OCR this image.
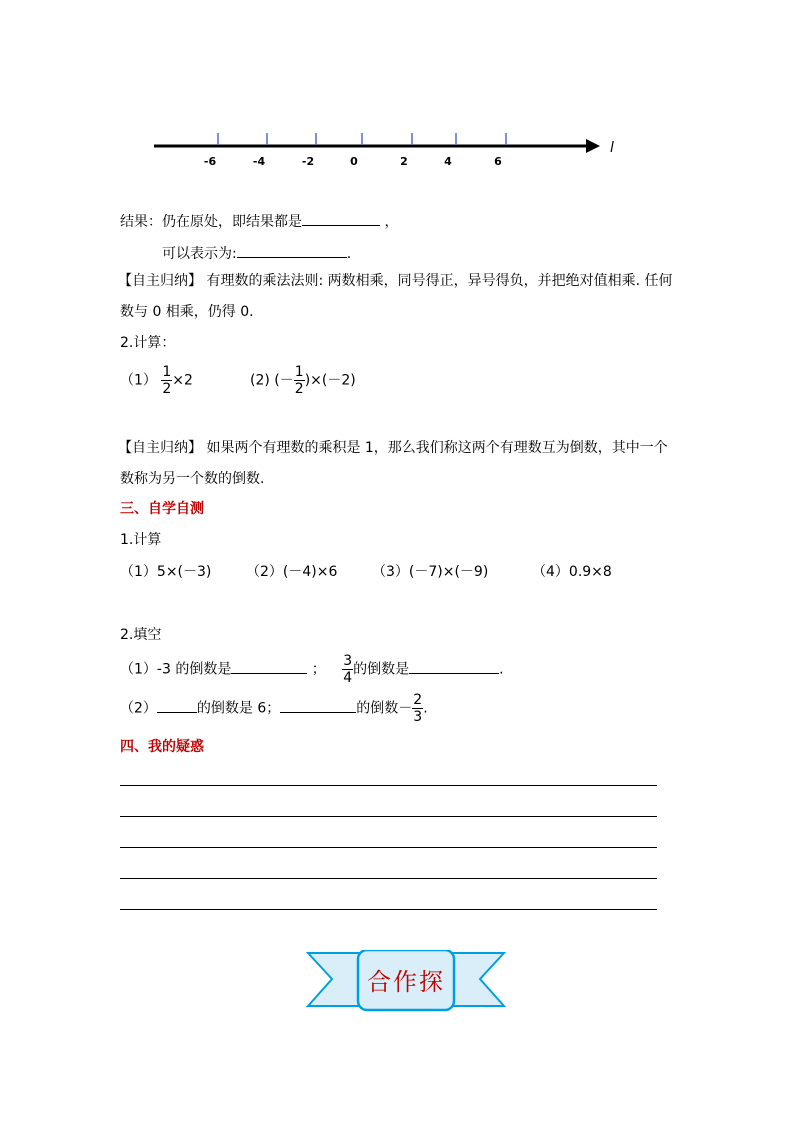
-6	-4	-2	0	2	4	6
l
结果：仍在原处，即结果都是	，
可以表示为:	.
【自主归纳】 有理数的乘法法则: 两数相乘，同号得正，异号得负，并把绝对值相乘. 任何
数与 0 相乘，仍得 0.
2.计算：
$(1) \frac{1}{2} \times 2$	(2) (－ $\frac{1}{2} )\times(-2)$
【自主归纳】 如果两个有理数的乘积是 1，那么我们称这两个有理数互为倒数，其中一个
数称为另一个数的倒数.
三、自学自测
1.计算
（1）5×(－3) （2）(－4)×6 （3）(－7)×(－9)	（4）0.9×8
2.填空
（1）-3 的倒数是	； $\frac{3}{4}$ 的倒数是	.
（2）	的倒数是 6；	的倒数－ $\frac{2}{3}$ .
四、我的疑惑
合作探
